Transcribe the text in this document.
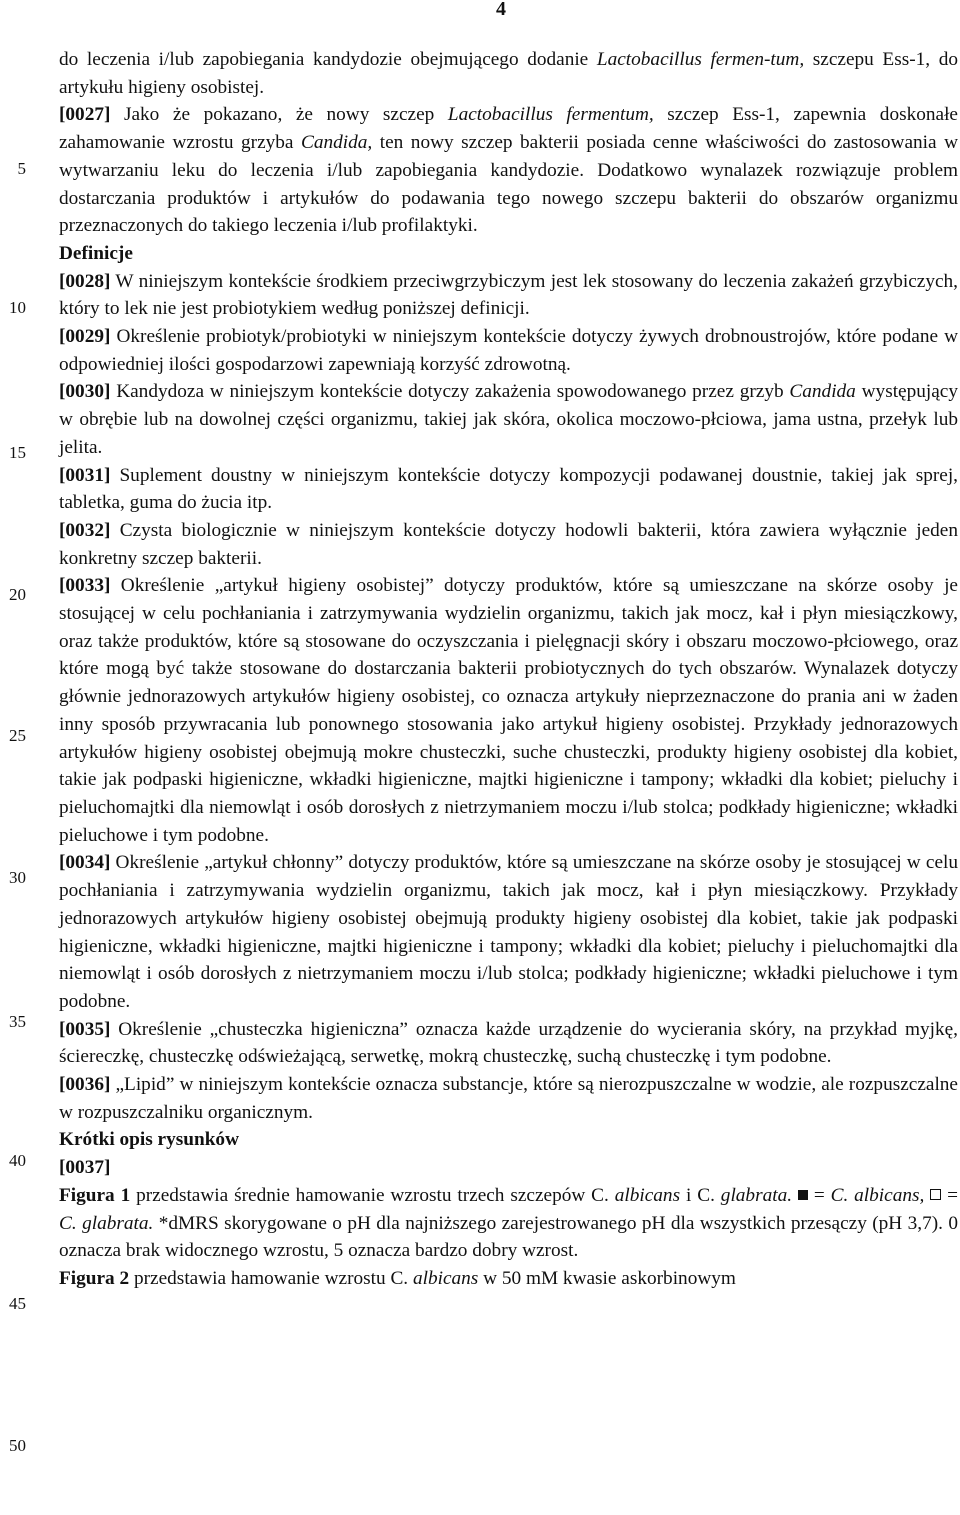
4
5
10
15
20
25
30
35
40
45
50

do leczenia i/lub zapobiegania kandydozie obejmującego dodanie Lactobacillus fermen-tum, szczepu Ess-1, do artykułu higieny osobistej.

[0027] Jako że pokazano, że nowy szczep Lactobacillus fermentum, szczep Ess-1, zapewnia doskonałe zahamowanie wzrostu grzyba Candida, ten nowy szczep bakterii posiada cenne właściwości do zastosowania w wytwarzaniu leku do leczenia i/lub zapobiegania kandydozie. Dodatkowo wynalazek rozwiązuje problem dostarczania produktów i artykułów do podawania tego nowego szczepu bakterii do obszarów organizmu przeznaczonych do takiego leczenia i/lub profilaktyki.

Definicje

[0028] W niniejszym kontekście środkiem przeciwgrzybiczym jest lek stosowany do leczenia zakażeń grzybiczych, który to lek nie jest probiotykiem według poniższej definicji.

[0029] Określenie probiotyk/probiotyki w niniejszym kontekście dotyczy żywych drobnoustrojów, które podane w odpowiedniej ilości gospodarzowi zapewniają korzyść zdrowotną.

[0030] Kandydoza w niniejszym kontekście dotyczy zakażenia spowodowanego przez grzyb Candida występujący w obrębie lub na dowolnej części organizmu, takiej jak skóra, okolica moczowo-płciowa, jama ustna, przełyk lub jelita.

[0031] Suplement doustny w niniejszym kontekście dotyczy kompozycji podawanej doustnie, takiej jak sprej, tabletka, guma do żucia itp.

[0032] Czysta biologicznie w niniejszym kontekście dotyczy hodowli bakterii, która zawiera wyłącznie jeden konkretny szczep bakterii.

[0033] Określenie „artykuł higieny osobistej” dotyczy produktów, które są umieszczane na skórze osoby je stosującej w celu pochłaniania i zatrzymywania wydzielin organizmu, takich jak mocz, kał i płyn miesiączkowy, oraz także produktów, które są stosowane do oczyszczania i pielęgnacji skóry i obszaru moczowo-płciowego, oraz które mogą być także stosowane do dostarczania bakterii probiotycznych do tych obszarów. Wynalazek dotyczy głównie jednorazowych artykułów higieny osobistej, co oznacza artykuły nieprzeznaczone do prania ani w żaden inny sposób przywracania lub ponownego stosowania jako artykuł higieny osobistej. Przykłady jednorazowych artykułów higieny osobistej obejmują mokre chusteczki, suche chusteczki, produkty higieny osobistej dla kobiet, takie jak podpaski higieniczne, wkładki higieniczne, majtki higieniczne i tampony; wkładki dla kobiet; pieluchy i pieluchomajtki dla niemowląt i osób dorosłych z nietrzymaniem moczu i/lub stolca; podkłady higieniczne; wkładki pieluchowe i tym podobne.

[0034] Określenie „artykuł chłonny” dotyczy produktów, które są umieszczane na skórze osoby je stosującej w celu pochłaniania i zatrzymywania wydzielin organizmu, takich jak mocz, kał i płyn miesiączkowy. Przykłady jednorazowych artykułów higieny osobistej obejmują produkty higieny osobistej dla kobiet, takie jak podpaski higieniczne, wkładki higieniczne, majtki higieniczne i tampony; wkładki dla kobiet; pieluchy i pieluchomajtki dla niemowląt i osób dorosłych z nietrzymaniem moczu i/lub stolca; podkłady higieniczne; wkładki pieluchowe i tym podobne.

[0035] Określenie „chusteczka higieniczna” oznacza każde urządzenie do wycierania skóry, na przykład myjkę, ściereczkę, chusteczkę odświeżającą, serwetkę, mokrą chusteczkę, suchą chusteczkę i tym podobne.

[0036] „Lipid” w niniejszym kontekście oznacza substancje, które są nierozpuszczalne w wodzie, ale rozpuszczalne w rozpuszczalniku organicznym.

Krótki opis rysunków

[0037]

Figura 1 przedstawia średnie hamowanie wzrostu trzech szczepów C. albicans i C. glabrata.  = C. albicans,  = C. glabrata. *dMRS skorygowane o pH dla najniższego zarejestrowanego pH dla wszystkich przesączy (pH 3,7). 0 oznacza brak widocznego wzrostu, 5 oznacza bardzo dobry wzrost.

Figura 2 przedstawia hamowanie wzrostu C. albicans w 50 mM kwasie askorbinowym
